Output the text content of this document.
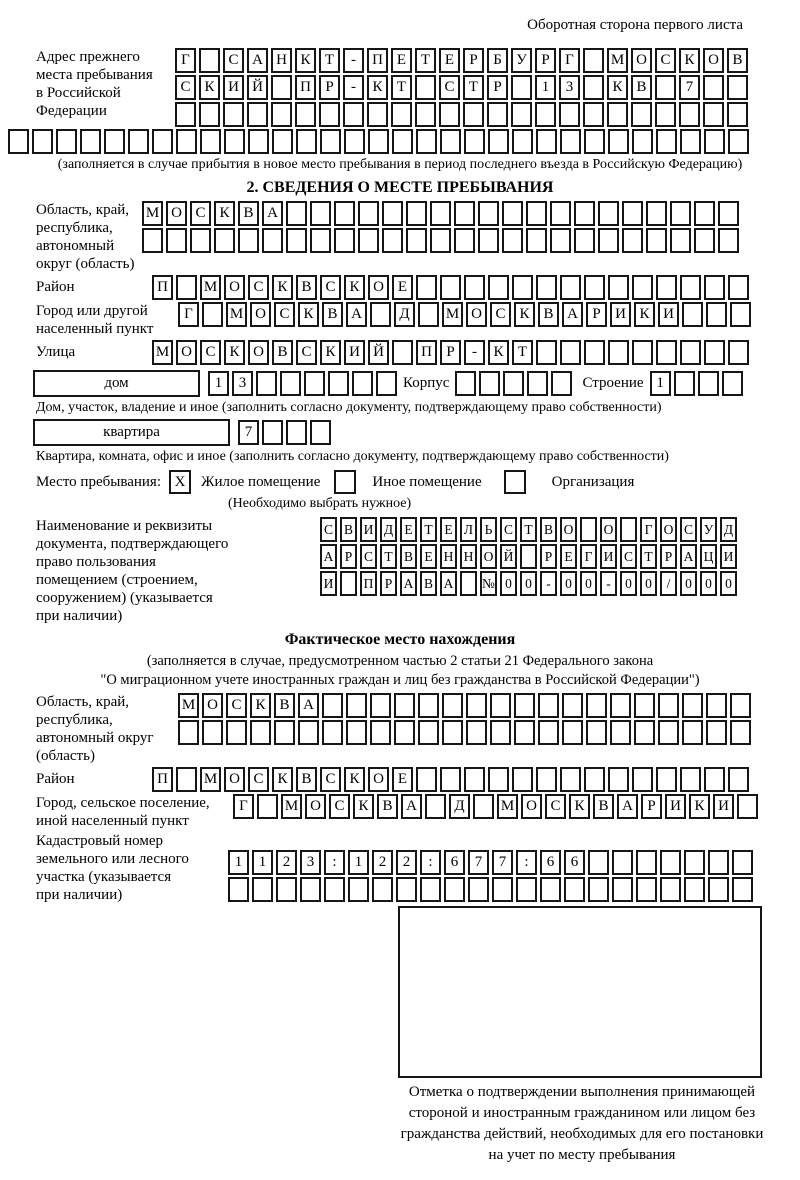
Оборотная сторона первого листа
Адрес прежнего
места пребывания
в Российской
Федерации
Г	С А Н К Т	-	П Е Т Е	Р	Б У Р	Г	М О С К О В
С К И Й	П Р	-	К Т	С Т	Р	1	3	К В	7
(заполняется в случае прибытия в новое место пребывания в период последнего въезда в Российскую Федерацию)
2. СВЕДЕНИЯ О МЕСТЕ ПРЕБЫВАНИЯ
Область, край,
республика,
автономный
округ (область)
М О С К В А
Район	П	М О С К В С К О Е
Город или другой
населенный пункт
Г	М О С К В А	Д	М О С К В А Р И К И
Улица	М О С К О В С К И Й	П Р	-	К Т
дом	1	3	Корпус	Строение 1
Дом, участок, владение и иное (заполнить согласно документу, подтверждающему право собственности)
квартира	7
Квартира, комната, офис и иное (заполнить согласно документу, подтверждающему право собственности)
Место пребывания: X	Жилое помещение	Иное помещение	Организация
(Необходимо выбрать нужное)
Наименование и реквизиты
документа, подтверждающего
право пользования
помещением (строением,
сооружением) (указывается
при наличии)
С В И Д Е Т Е Л Ь С Т В О О	Г О С У Д
А Р С Т В Е Н Н О Й	Р Е Г И С Т Р А Ц И
И П Р А В А № 0 0	-	0 0	-	0 0	/	0 0 0
Фактическое место нахождения
(заполняется в случае, предусмотренном частью 2 статьи 21 Федерального закона
"О миграционном учете иностранных граждан и лиц без гражданства в Российской Федерации")
Область, край,
республика,
автономный округ
(область)
М О С К В А
Район	П	М О С К В С К О Е
Город, сельское поселение,
иной населенный пункт
Г	М О С К В А	Д	М О С К В А Р И К И
Кадастровый номер
земельного или лесного
участка (указывается
при наличии)
1	1	2	3	:	1	2	2	:	6	7	7	:	6	6
Отметка о подтверждении выполнения принимающей
стороной и иностранным гражданином или лицом без
гражданства действий, необходимых для его постановки
на учет по месту пребывания
